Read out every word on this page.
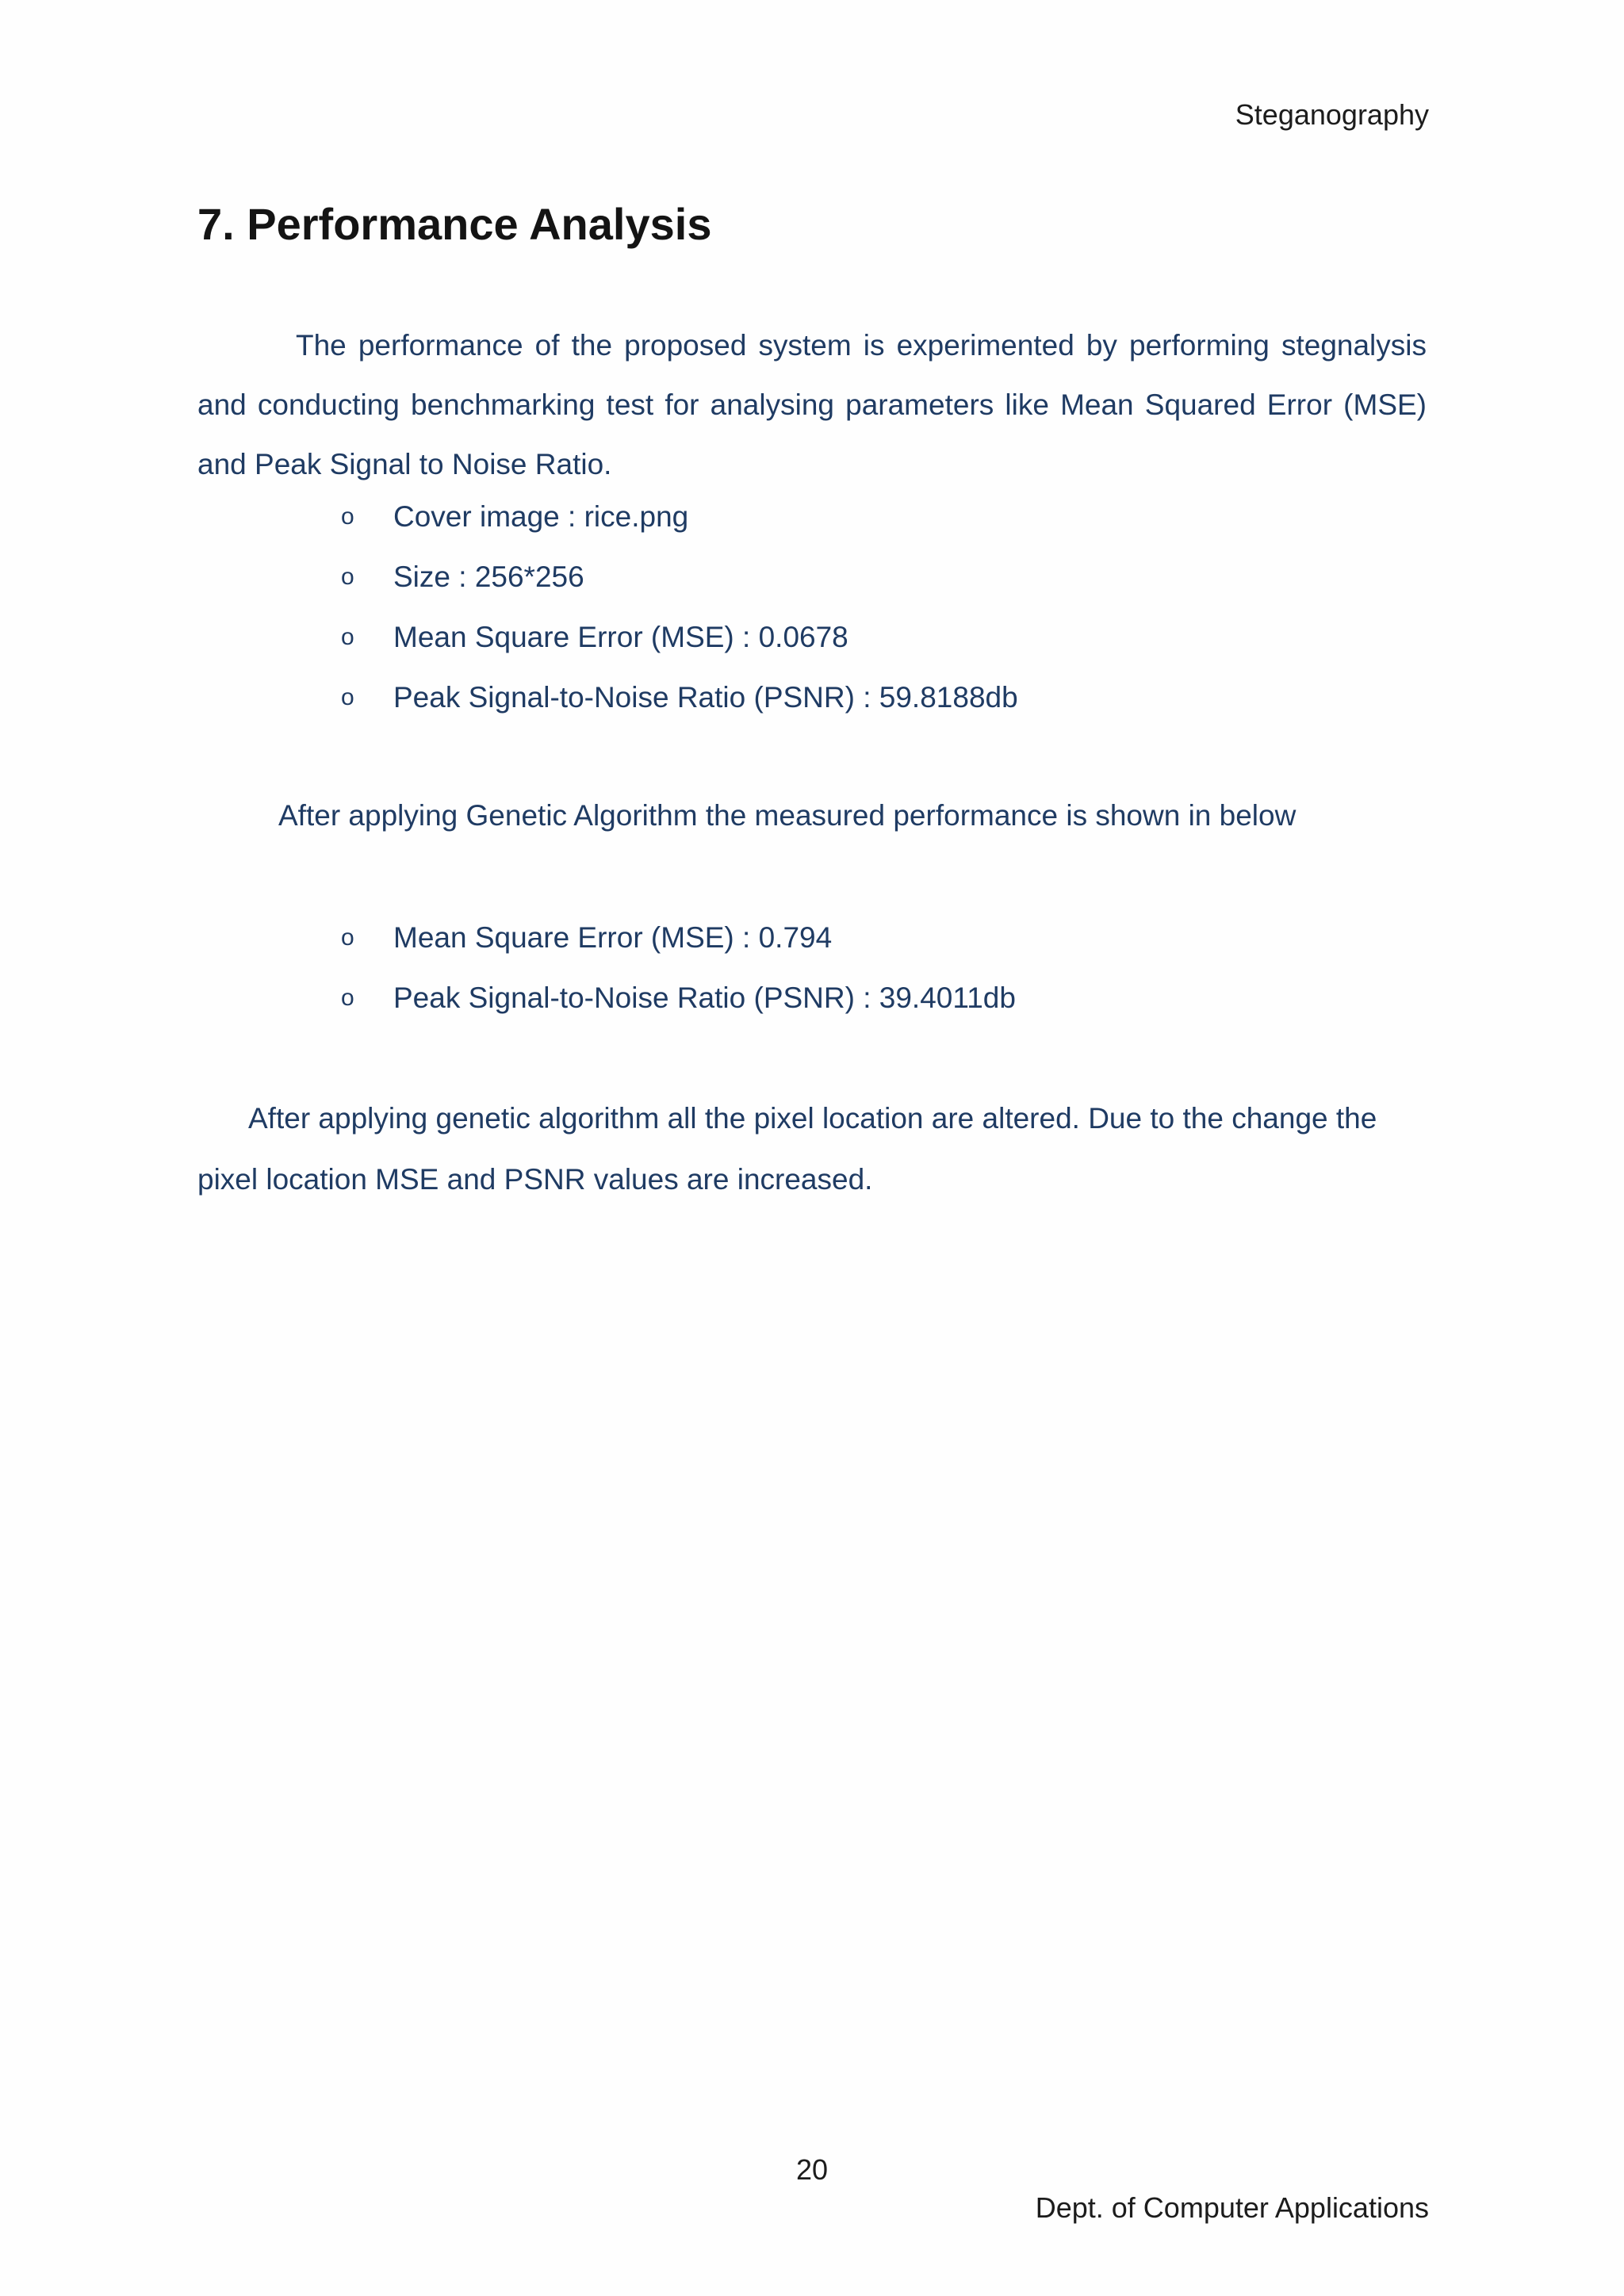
Steganography
7. Performance Analysis

The performance of the proposed system is experimented by performing stegnalysis and conducting benchmarking test for analysing parameters like Mean Squared Error (MSE) and Peak Signal to Noise Ratio.

o	Cover image : rice.png
o	Size : 256*256
o	Mean Square Error (MSE) : 0.0678
o	Peak Signal-to-Noise Ratio (PSNR) : 59.8188db

After applying Genetic Algorithm the measured performance is shown in below

o	Mean Square Error (MSE) : 0.794
o	Peak Signal-to-Noise Ratio (PSNR) : 39.4011db

After applying genetic algorithm all the pixel location are altered. Due to the change the pixel location MSE and PSNR values are increased.

20
Dept. of Computer Applications
